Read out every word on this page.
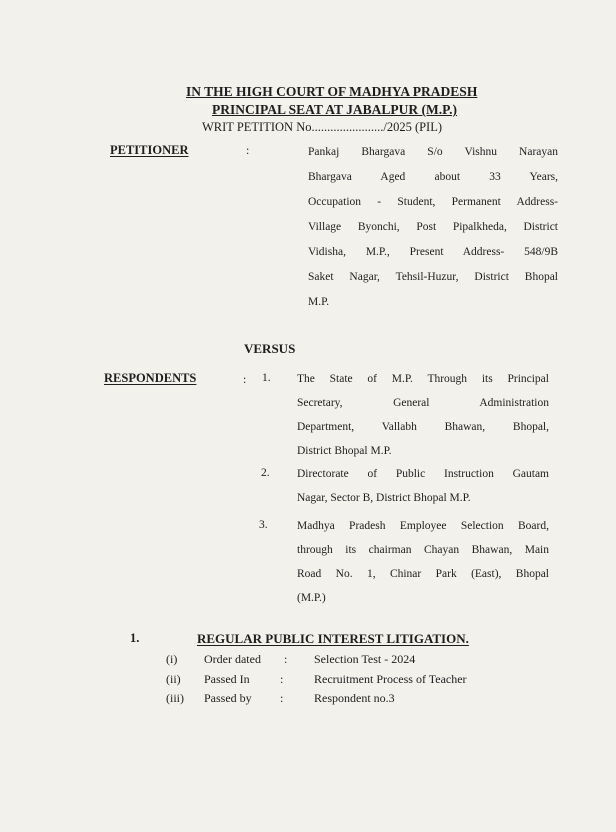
IN THE HIGH COURT OF MADHYA PRADESH
PRINCIPAL SEAT AT JABALPUR (M.P.)
WRIT PETITION No......................./2025 (PIL)
PETITIONER	:	Pankaj Bhargava S/o Vishnu Narayan
Bhargava Aged about 33 Years,
Occupation - Student, Permanent Address-
Village Byonchi, Post Pipalkheda, District
Vidisha, M.P., Present Address- 548/9B
Saket Nagar, Tehsil-Huzur, District Bhopal
M.P.
VERSUS
RESPONDENTS	: 1. The State of M.P. Through its Principal
Secretary, General Administration
Department, Vallabh Bhawan, Bhopal,
District Bhopal M.P.
2. Directorate of Public Instruction Gautam
Nagar, Sector B, District Bhopal M.P.
3.	Madhya Pradesh Employee Selection Board,
through its chairman Chayan Bhawan, Main
Road No. 1, Chinar Park (East), Bhopal
(M.P.)
1.	REGULAR PUBLIC INTEREST LITIGATION.
(i) Order dated : Selection Test - 2024
(ii) Passed In	:	Recruitment Process of Teacher
(iii) Passed by :	Respondent no.3
